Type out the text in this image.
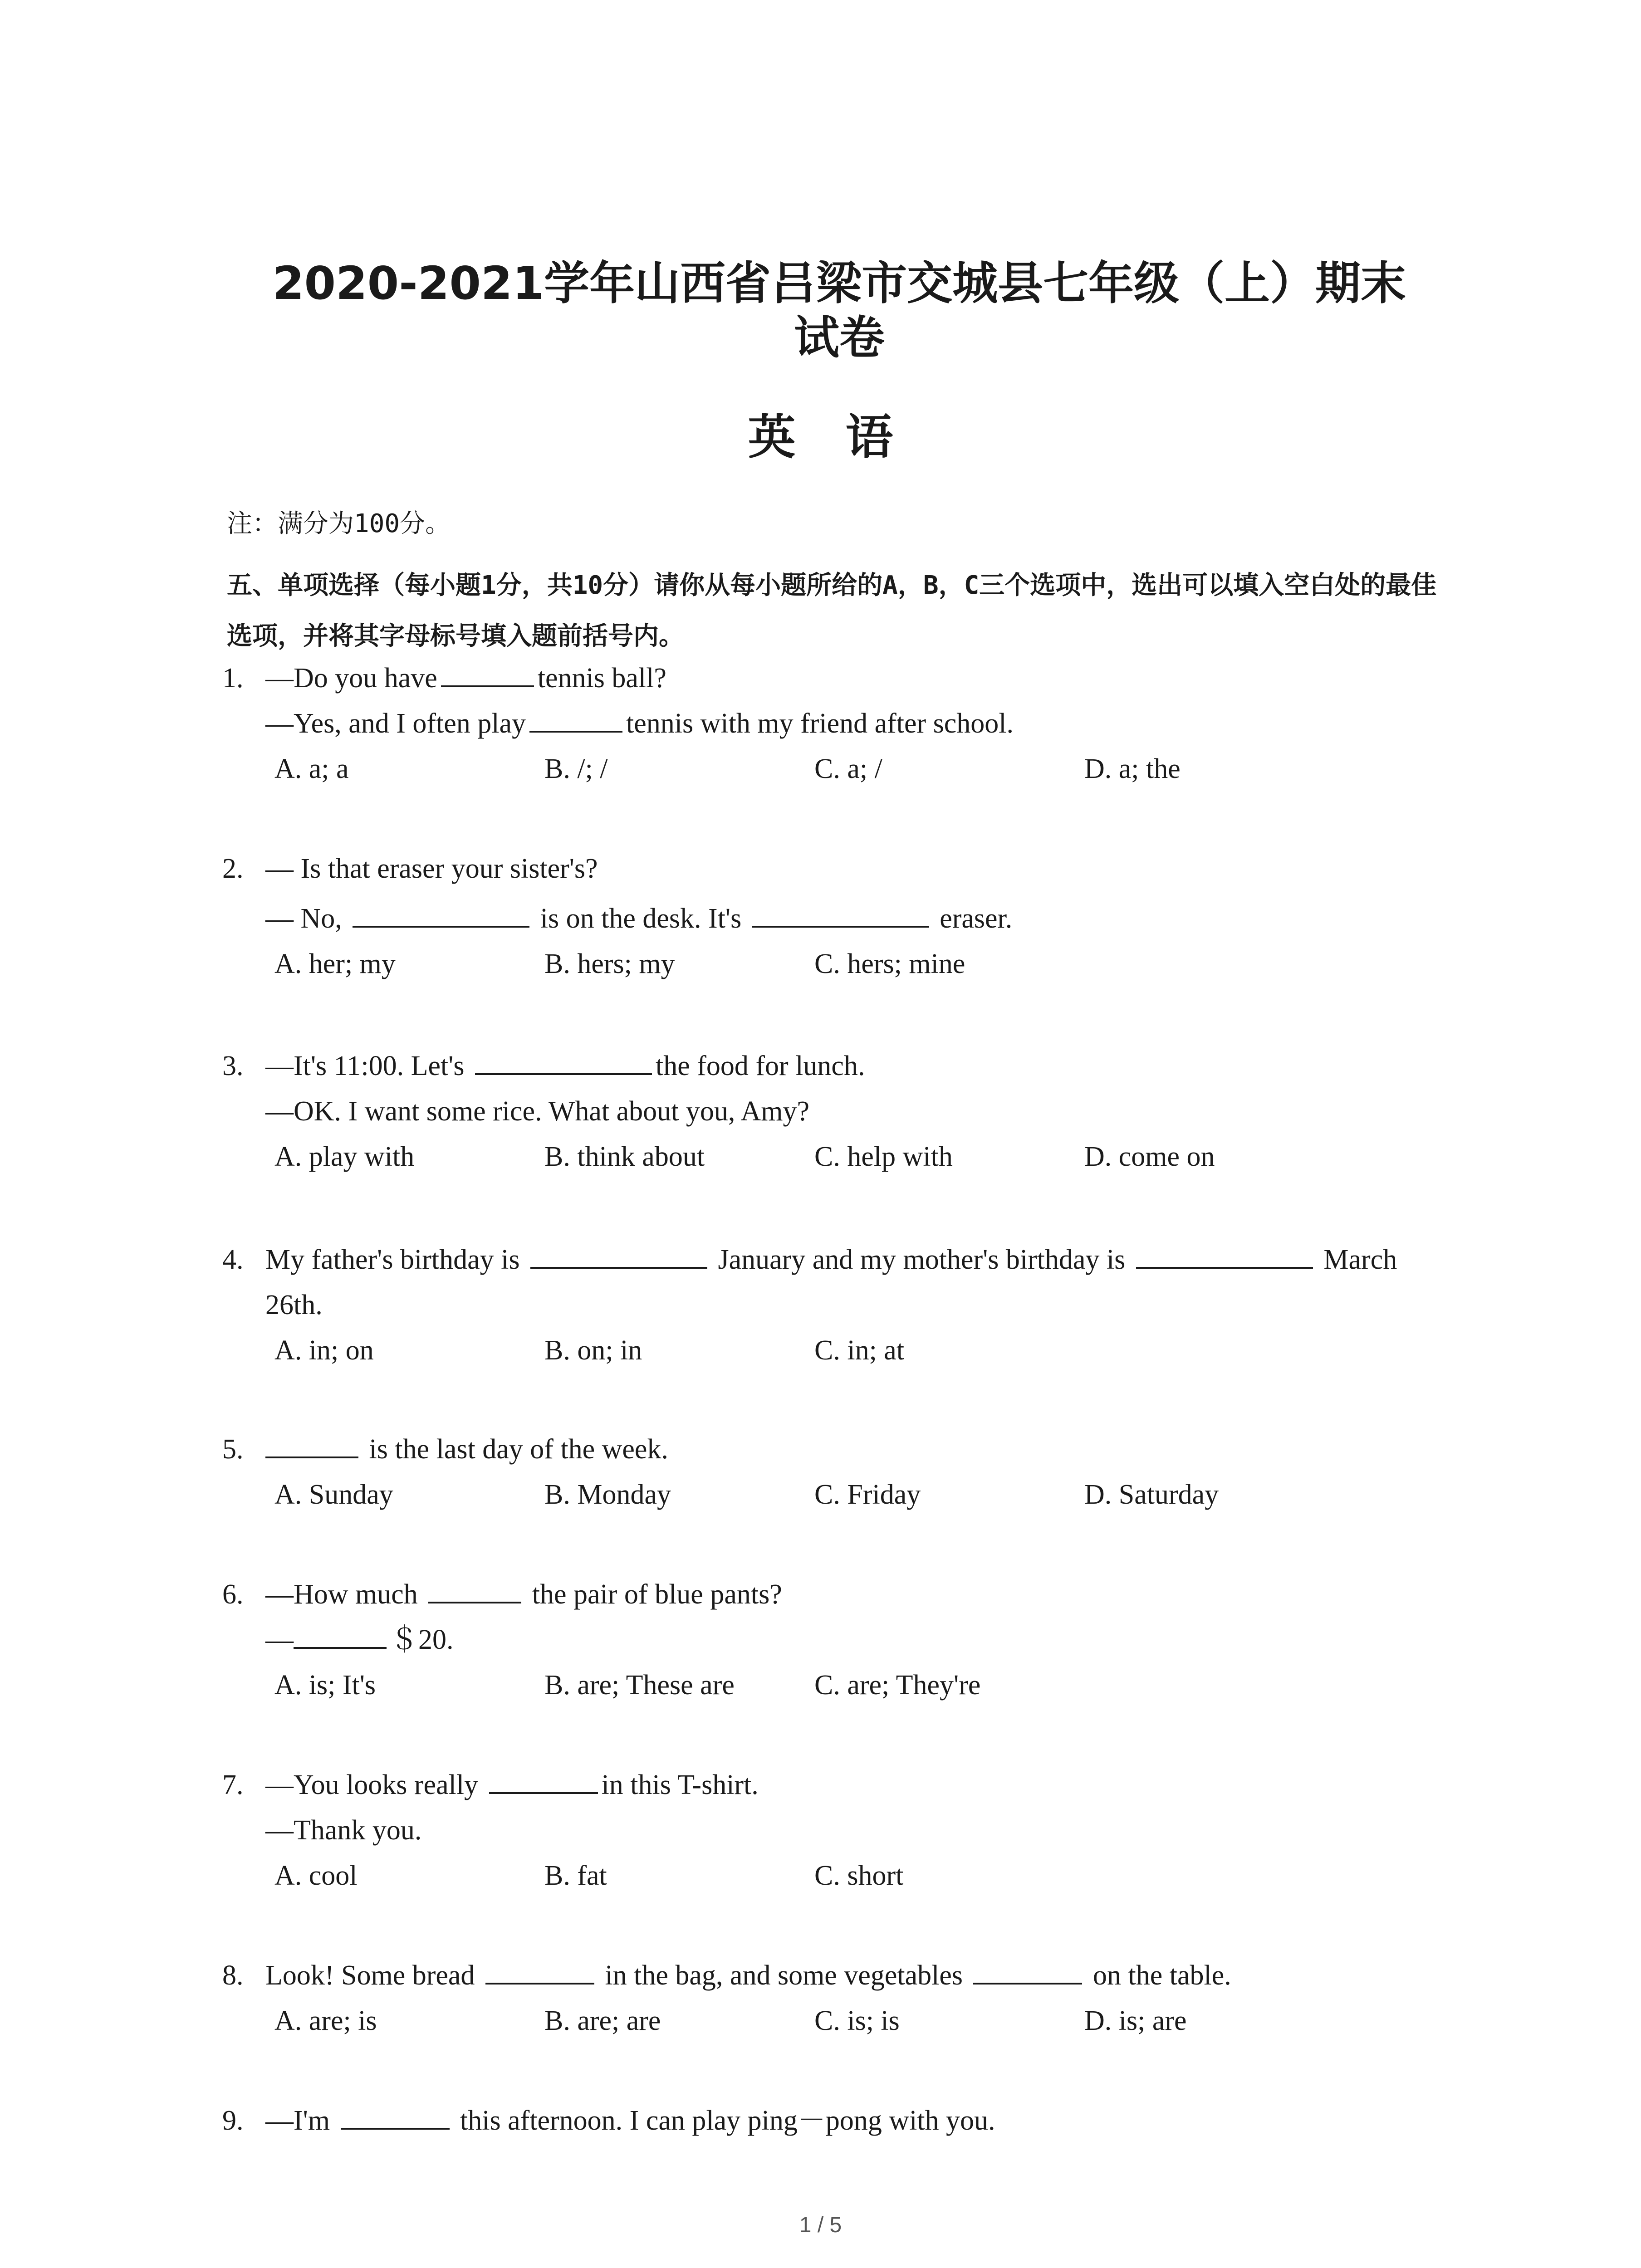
2020-2021学年山西省吕梁市交城县七年级（上）期末
试卷
英语
注：满分为100分。
五、单项选择（每小题1分，共10分）请你从每小题所给的A，B，C三个选项中，选出可以填入空白处的最佳选项，并将其字母标号填入题前括号内。
1. —Do you have	tennis ball?
—Yes, and I often play	tennis with my friend after school.
A. a; a	B. /; /	C. a; /	D. a; the
2. — Is that eraser your sister's?
— No,	is on the desk. It's	eraser.
A. her; my	B. hers; my	C. hers; mine
3. —It's 11:00. Let's	the food for lunch.
—OK. I want some rice. What about you, Amy?
A. play with	B. think about	C. help with	D. come on
4. My father's birthday is	January and my mother's birthday is	March
26th.
A. in; on	B. on; in	C. in; at
5.	is the last day of the week.
A. Sunday	B. Monday	C. Friday	D. Saturday
6. —How much	the pair of blue pants?
—	＄20.
A. is; It's	B. are; These are	C. are; They're
7. —You looks really	in this T-shirt.
—Thank you.
A. cool	B. fat	C. short
8. Look! Some bread	in the bag, and some vegetables	on the table.
A. are; is	B. are; are	C. is; is	D. is; are
9. —I'm	this afternoon. I can play ping－pong with you.
1 / 5
